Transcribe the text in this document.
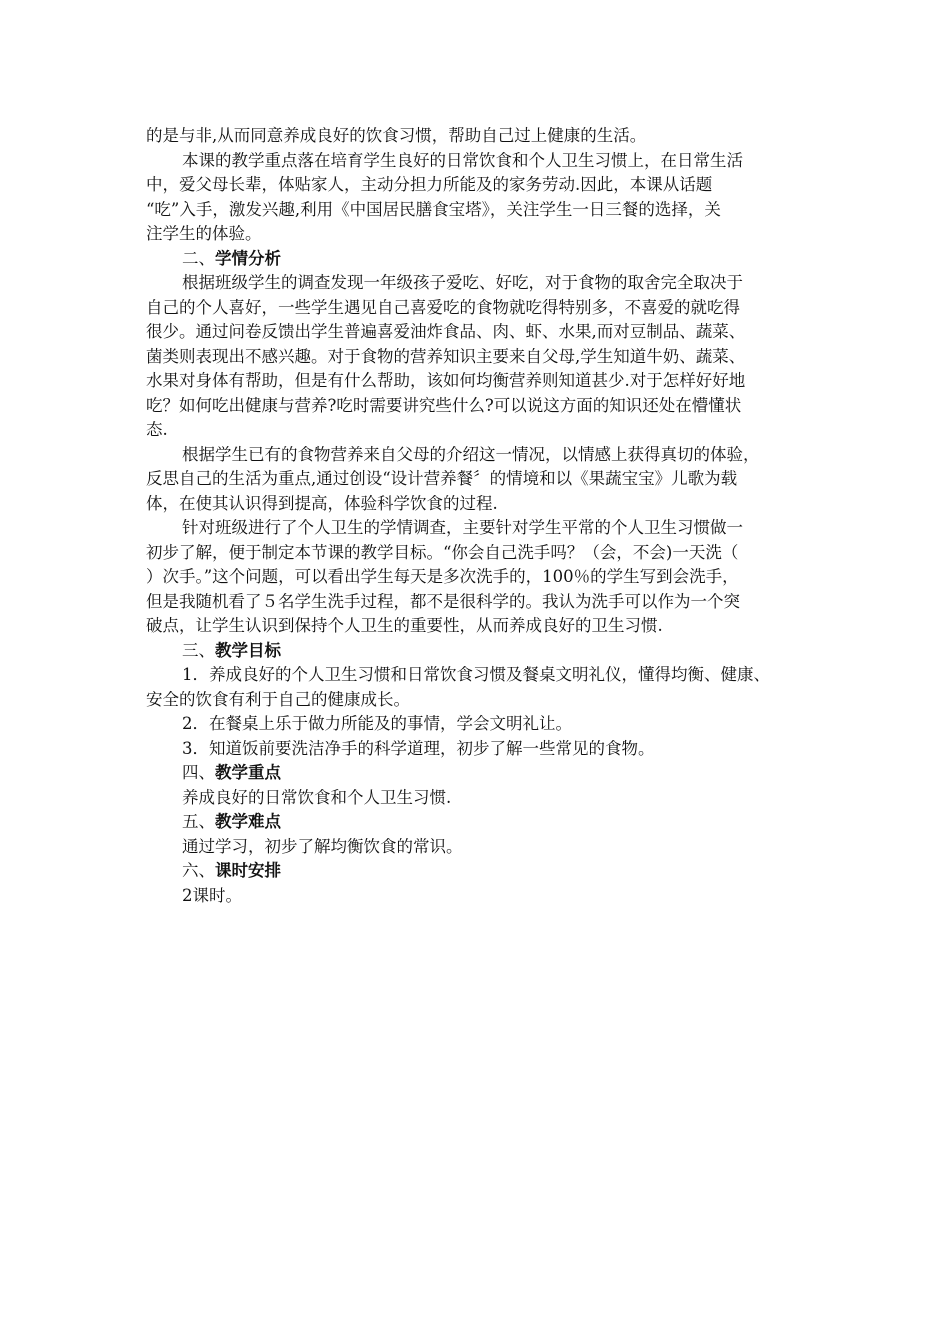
的是与非,从而同意养成良好的饮食习惯，帮助自己过上健康的生活。
本课的教学重点落在培育学生良好的日常饮食和个人卫生习惯上，在日常生活
中，爱父母长辈，体贴家人，主动分担力所能及的家务劳动.因此，本课从话题
“吃”入手，激发兴趣,利用《中国居民膳食宝塔》，关注学生一日三餐的选择，关
注学生的体验。
二、学情分析
根据班级学生的调查发现一年级孩子爱吃、好吃，对于食物的取舍完全取决于
自己的个人喜好，一些学生遇见自己喜爱吃的食物就吃得特别多，不喜爱的就吃得
很少。通过问卷反馈出学生普遍喜爱油炸食品、肉、虾、水果,而对豆制品、蔬菜、
菌类则表现出不感兴趣。对于食物的营养知识主要来自父母,学生知道牛奶、蔬菜、
水果对身体有帮助，但是有什么帮助，该如何均衡营养则知道甚少.对于怎样好好地
吃？如何吃出健康与营养?吃时需要讲究些什么?可以说这方面的知识还处在懵懂状
态.
根据学生已有的食物营养来自父母的介绍这一情况，以情感上获得真切的体验，
反思自己的生活为重点,通过创设“设计营养餐〞的情境和以《果蔬宝宝》儿歌为载
体，在使其认识得到提高，体验科学饮食的过程.
针对班级进行了个人卫生的学情调查，主要针对学生平常的个人卫生习惯做一
初步了解，便于制定本节课的教学目标。“你会自己洗手吗？（会，不会)一天洗（
）次手。”这个问题，可以看出学生每天是多次洗手的，100％的学生写到会洗手，
但是我随机看了５名学生洗手过程，都不是很科学的。我认为洗手可以作为一个突
破点，让学生认识到保持个人卫生的重要性，从而养成良好的卫生习惯.
三、教学目标
1．养成良好的个人卫生习惯和日常饮食习惯及餐桌文明礼仪，懂得均衡、健康、
安全的饮食有利于自己的健康成长。
2．在餐桌上乐于做力所能及的事情，学会文明礼让。
3．知道饭前要洗洁净手的科学道理，初步了解一些常见的食物。
四、教学重点
养成良好的日常饮食和个人卫生习惯.
五、教学难点
通过学习，初步了解均衡饮食的常识。
六、课时安排
2课时。
